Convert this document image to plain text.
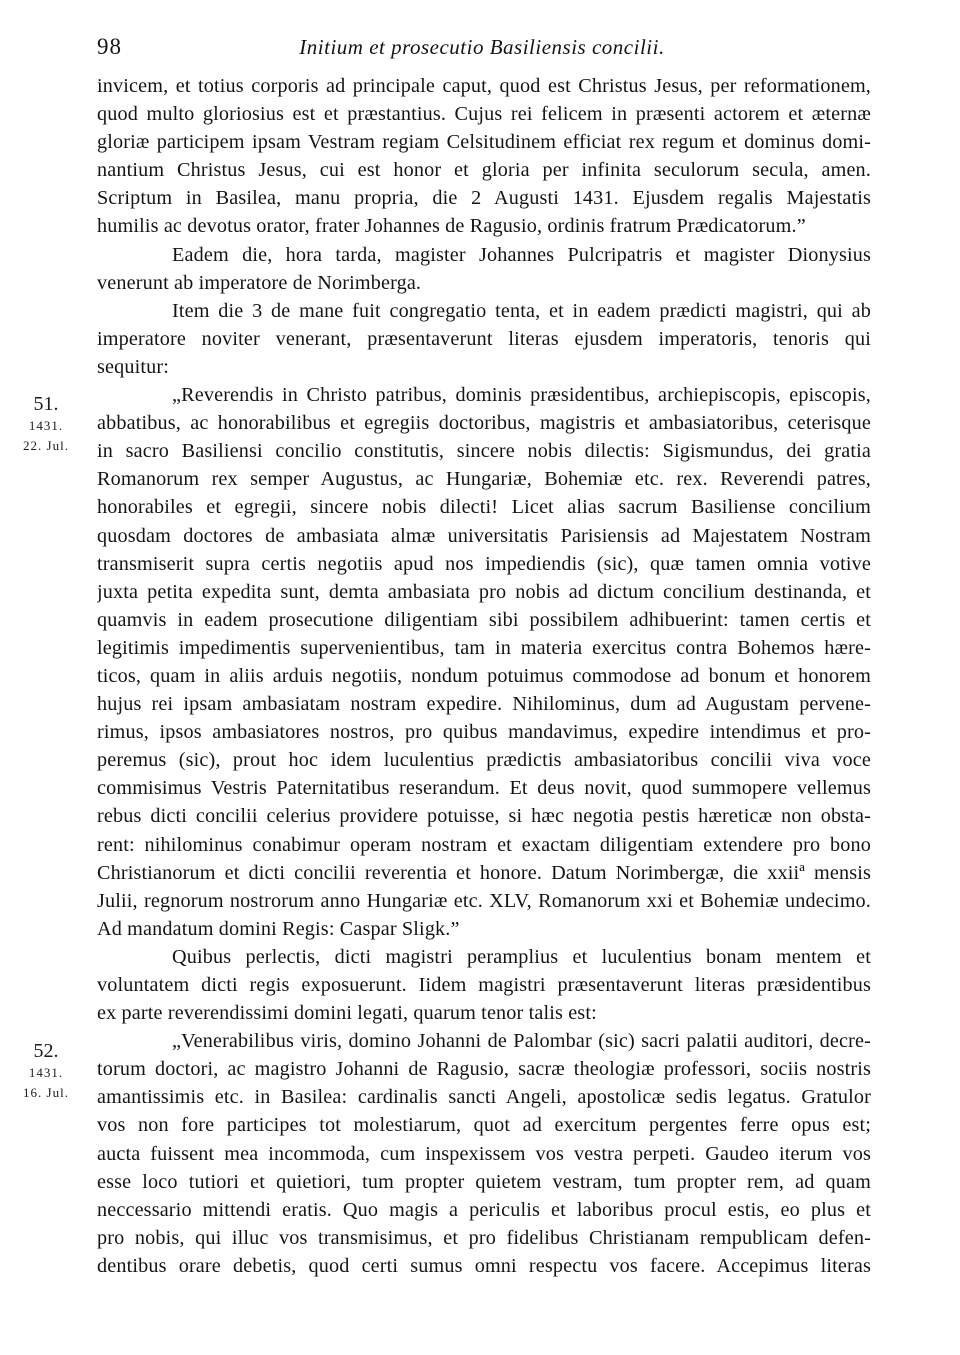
98	Initium et prosecutio Basiliensis concilii.
51.
1431.
22. Jul.
52.
1431.
16. Jul.
invicem, et totius corporis ad principale caput, quod est Christus Jesus, per reformationem,
quod multo gloriosius est et præstantius. Cujus rei felicem in præsenti actorem et æternæ
gloriæ participem ipsam Vestram regiam Celsitudinem efficiat rex regum et dominus domi-
nantium Christus Jesus, cui est honor et gloria per infinita seculorum secula, amen.
Scriptum in Basilea, manu propria, die 2 Augusti 1431. Ejusdem regalis Majestatis
humilis ac devotus orator, frater Johannes de Ragusio, ordinis fratrum Prædicatorum.”
Eadem die, hora tarda, magister Johannes Pulcripatris et magister Dionysius
venerunt ab imperatore de Norimberga.
Item die 3 de mane fuit congregatio tenta, et in eadem prædicti magistri, qui ab
imperatore noviter venerant, præsentaverunt literas ejusdem imperatoris, tenoris qui
sequitur:
„Reverendis in Christo patribus, dominis præsidentibus, archiepiscopis, episcopis,
abbatibus, ac honorabilibus et egregiis doctoribus, magistris et ambasiatoribus, ceterisque
in sacro Basiliensi concilio constitutis, sincere nobis dilectis: Sigismundus, dei gratia
Romanorum rex semper Augustus, ac Hungariæ, Bohemiæ etc. rex. Reverendi patres,
honorabiles et egregii, sincere nobis dilecti! Licet alias sacrum Basiliense concilium
quosdam doctores de ambasiata almæ universitatis Parisiensis ad Majestatem Nostram
transmiserit supra certis negotiis apud nos impediendis (sic), quæ tamen omnia votive
juxta petita expedita sunt, demta ambasiata pro nobis ad dictum concilium destinanda, et
quamvis in eadem prosecutione diligentiam sibi possibilem adhibuerint: tamen certis et
legitimis impedimentis supervenientibus, tam in materia exercitus contra Bohemos hære-
ticos, quam in aliis arduis negotiis, nondum potuimus commodose ad bonum et honorem
hujus rei ipsam ambasiatam nostram expedire. Nihilominus, dum ad Augustam pervene-
rimus, ipsos ambasiatores nostros, pro quibus mandavimus, expedire intendimus et pro-
peremus (sic), prout hoc idem luculentius prædictis ambasiatoribus concilii viva voce
commisimus Vestris Paternitatibus reserandum. Et deus novit, quod summopere vellemus
rebus dicti concilii celerius providere potuisse, si hæc negotia pestis hæreticæ non obsta-
rent: nihilominus conabimur operam nostram et exactam diligentiam extendere pro bono
Christianorum et dicti concilii reverentia et honore. Datum Norimbergæ, die xxiiª mensis
Julii, regnorum nostrorum anno Hungariæ etc. XLV, Romanorum xxi et Bohemiæ undecimo.
Ad mandatum domini Regis: Caspar Sligk.”
Quibus perlectis, dicti magistri peramplius et luculentius bonam mentem et
voluntatem dicti regis exposuerunt. Iidem magistri præsentaverunt literas præsidentibus
ex parte reverendissimi domini legati, quarum tenor talis est:
„Venerabilibus viris, domino Johanni de Palombar (sic) sacri palatii auditori, decre-
torum doctori, ac magistro Johanni de Ragusio, sacræ theologiæ professori, sociis nostris
amantissimis etc. in Basilea: cardinalis sancti Angeli, apostolicæ sedis legatus. Gratulor
vos non fore participes tot molestiarum, quot ad exercitum pergentes ferre opus est;
aucta fuissent mea incommoda, cum inspexissem vos vestra perpeti. Gaudeo iterum vos
esse loco tutiori et quietiori, tum propter quietem vestram, tum propter rem, ad quam
neccessario mittendi eratis. Quo magis a periculis et laboribus procul estis, eo plus et
pro nobis, qui illuc vos transmisimus, et pro fidelibus Christianam rempublicam defen-
dentibus orare debetis, quod certi sumus omni respectu vos facere. Accepimus literas
